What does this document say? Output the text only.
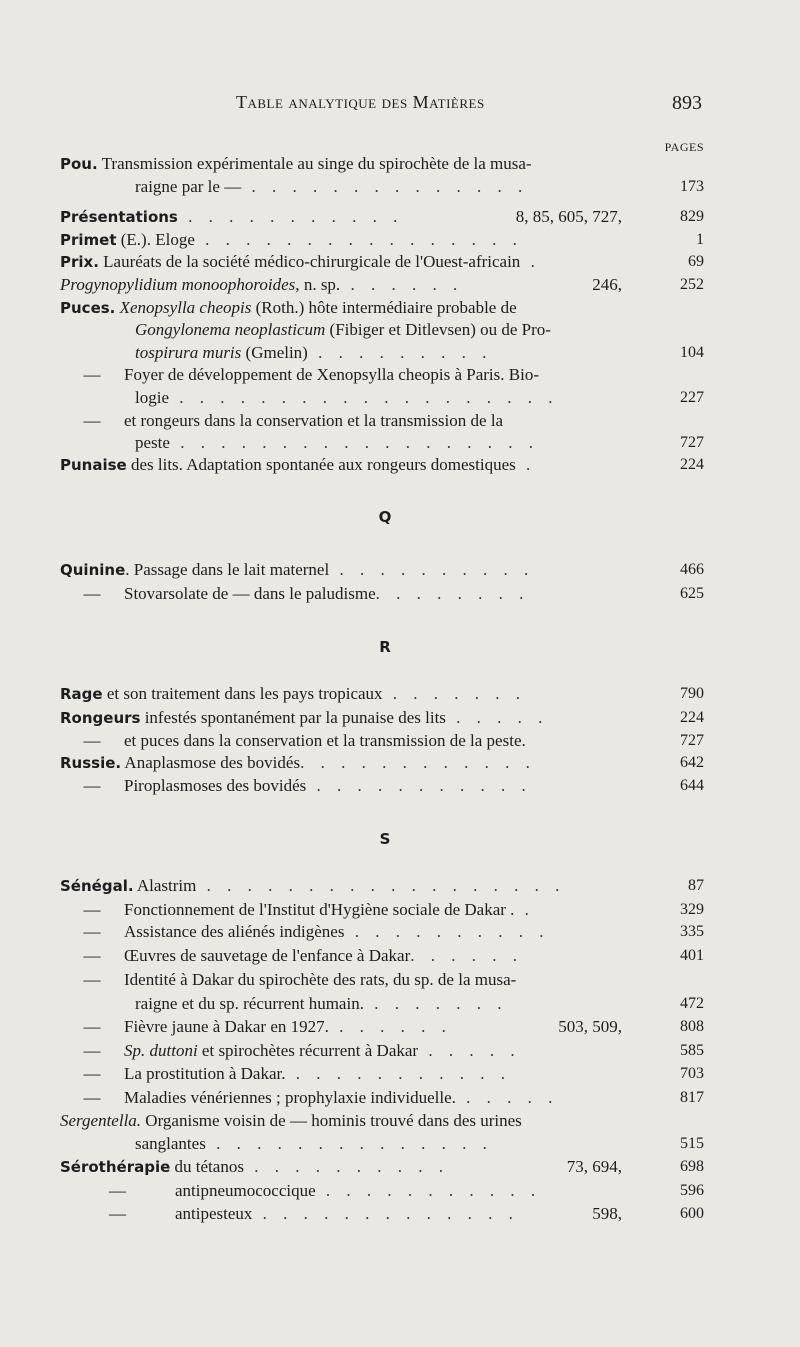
Table analytique des Matières	893
PAGES
Q
R
S
Pou. Transmission expérimentale au singe du spirochète de la musa-
raigne par le — . . . . . . . . . . . . . .	173
Présentations . . . . . . . . . . .	8, 85, 605, 727,	829
Primet (E.). Eloge . . . . . . . . . . . . . . . .	1
Prix. Lauréats de la société médico-chirurgicale de l'Ouest-africain .	69
Progynopylidium monoophoroides, n. sp. . . . . . .	246,	252
Puces. Xenopsylla cheopis (Roth.) hôte intermédiaire probable de
Gongylonema neoplasticum (Fibiger et Ditlevsen) ou de Pro-
tospirura muris (Gmelin) . . . . . . . . .	104
— Foyer de développement de Xenopsylla cheopis à Paris. Bio-
logie . . . . . . . . . . . . . . . . . . .	227
— et rongeurs dans la conservation et la transmission de la
peste . . . . . . . . . . . . . . . . . .	727
Punaise des lits. Adaptation spontanée aux rongeurs domestiques .	224
Quinine. Passage dans le lait maternel . . . . . . . . . .	466
— Stovarsolate de — dans le paludisme. . . . . . . .	625
Rage et son traitement dans les pays tropicaux . . . . . . .	790
Rongeurs infestés spontanément par la punaise des lits . . . . .	224
— et puces dans la conservation et la transmission de la peste.	727
Russie. Anaplasmose des bovidés. . . . . . . . . . . .	642
— Piroplasmoses des bovidés . . . . . . . . . . .	644
Sénégal. Alastrim . . . . . . . . . . . . . . . . . .	87
— Fonctionnement de l'Institut d'Hygiène sociale de Dakar . .	329
— Assistance des aliénés indigènes . . . . . . . . . .	335
— Œuvres de sauvetage de l'enfance à Dakar. . . . . .	401
— Identité à Dakar du spirochète des rats, du sp. de la musa-
raigne et du sp. récurrent humain. . . . . . . .	472
— Fièvre jaune à Dakar en 1927. . . . . . .	503, 509,	808
— Sp. duttoni et spirochètes récurrent à Dakar . . . . .	585
— La prostitution à Dakar. . . . . . . . . . . .	703
— Maladies vénériennes ; prophylaxie individuelle. . . . . .	817
Sergentella. Organisme voisin de — hominis trouvé dans des urines
sanglantes . . . . . . . . . . . . . .	515
Sérothérapie du tétanos . . . . . . . . . .	73, 694,	698
—	antipneumococcique . . . . . . . . . . .	596
—	antipesteux . . . . . . . . . . . . .	598,	600
